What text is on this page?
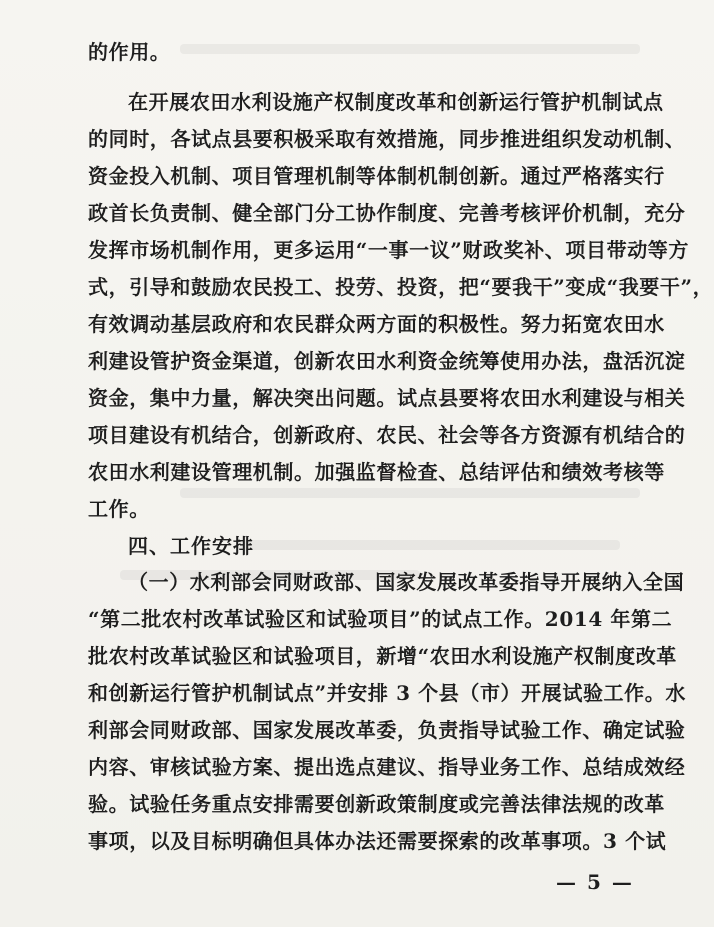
的作用。
在开展农田水利设施产权制度改革和创新运行管护机制试点
的同时，各试点县要积极采取有效措施，同步推进组织发动机制、
资金投入机制、项目管理机制等体制机制创新。通过严格落实行
政首长负责制、健全部门分工协作制度、完善考核评价机制，充分
发挥市场机制作用，更多运用“一事一议”财政奖补、项目带动等方
式，引导和鼓励农民投工、投劳、投资，把“要我干”变成“我要干”，
有效调动基层政府和农民群众两方面的积极性。努力拓宽农田水
利建设管护资金渠道，创新农田水利资金统筹使用办法，盘活沉淀
资金，集中力量，解决突出问题。试点县要将农田水利建设与相关
项目建设有机结合，创新政府、农民、社会等各方资源有机结合的
农田水利建设管理机制。加强监督检查、总结评估和绩效考核等
工作。
四、工作安排
（一）水利部会同财政部、国家发展改革委指导开展纳入全国
“第二批农村改革试验区和试验项目”的试点工作。2014 年第二
批农村改革试验区和试验项目，新增“农田水利设施产权制度改革
和创新运行管护机制试点”并安排 3 个县（市）开展试验工作。水
利部会同财政部、国家发展改革委，负责指导试验工作、确定试验
内容、审核试验方案、提出选点建议、指导业务工作、总结成效经
验。试验任务重点安排需要创新政策制度或完善法律法规的改革
事项，以及目标明确但具体办法还需要探索的改革事项。3 个试
— 5 —
